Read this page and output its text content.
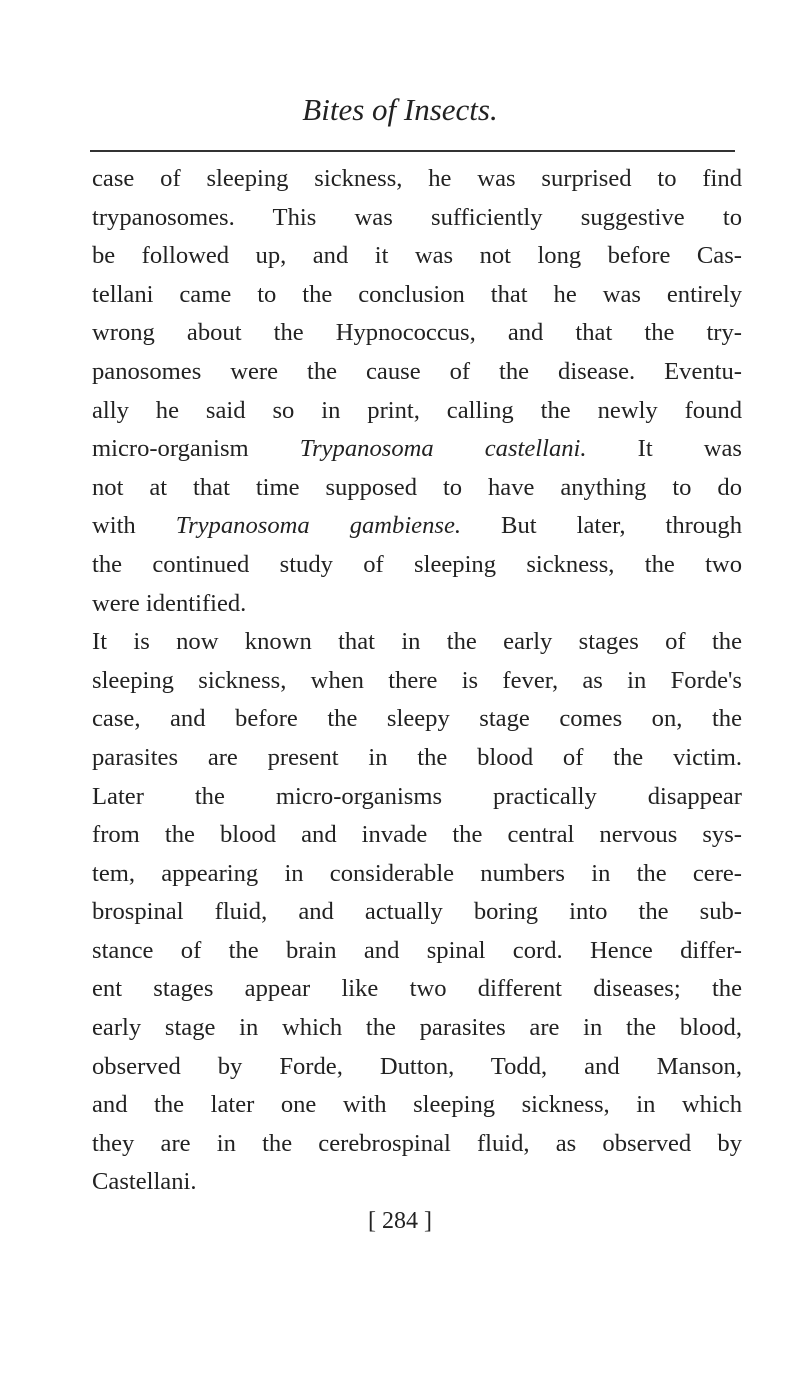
Bites of Insects.
case of sleeping sickness, he was surprised to find
trypanosomes. This was sufficiently suggestive to
be followed up, and it was not long before Cas-
tellani came to the conclusion that he was entirely
wrong about the Hypnococcus, and that the try-
panosomes were the cause of the disease. Eventu-
ally he said so in print, calling the newly found
micro-organism Trypanosoma castellani. It was
not at that time supposed to have anything to do
with Trypanosoma gambiense. But later, through
the continued study of sleeping sickness, the two
were identified.
It is now known that in the early stages of the
sleeping sickness, when there is fever, as in Forde's
case, and before the sleepy stage comes on, the
parasites are present in the blood of the victim.
Later the micro-organisms practically disappear
from the blood and invade the central nervous sys-
tem, appearing in considerable numbers in the cere-
brospinal fluid, and actually boring into the sub-
stance of the brain and spinal cord. Hence differ-
ent stages appear like two different diseases; the
early stage in which the parasites are in the blood,
observed by Forde, Dutton, Todd, and Manson,
and the later one with sleeping sickness, in which
they are in the cerebrospinal fluid, as observed by
Castellani.
[ 284 ]
